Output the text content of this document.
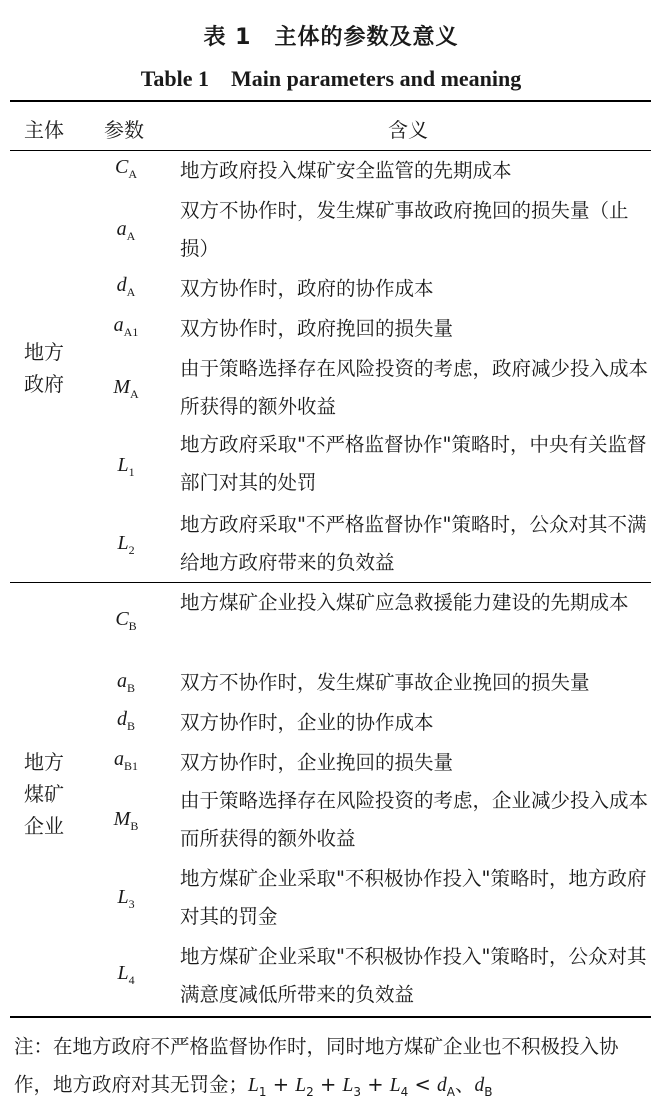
表 1　主体的参数及意义
Table 1　Main parameters and meaning
主体 参数	含义
地方
政府
地方
煤矿
企业
$C_A$
$a_A$
$d_A$
$a_{A1}$
$M_A$
$L_1$
$L_2$
$C_B$
$a_B$
$d_B$
$a_{B1}$
$M_B$
$L_3$
$L_4$
地方政府投入煤矿安全监管的先期成本
双方不协作时，发生煤矿事故政府挽回的损失量（止损）
双方协作时，政府的协作成本
双方协作时，政府挽回的损失量
由于策略选择存在风险投资的考虑，政府减少投入成本所获得的额外收益
地方政府采取"不严格监督协作"策略时，中央有关监督部门对其的处罚
地方政府采取"不严格监督协作"策略时，公众对其不满给地方政府带来的负效益
地方煤矿企业投入煤矿应急救援能力建设的先期成本
双方不协作时，发生煤矿事故企业挽回的损失量
双方协作时，企业的协作成本
双方协作时，企业挽回的损失量
由于策略选择存在风险投资的考虑，企业减少投入成本而所获得的额外收益
地方煤矿企业采取"不积极协作投入"策略时，地方政府对其的罚金
地方煤矿企业采取"不积极协作投入"策略时，公众对其满意度减低所带来的负效益
注：在地方政府不严格监督协作时，同时地方煤矿企业也不积极投入协作，地方政府对其无罚金；$L_1 + L_2 + L_3 + L_4 < d_A$、$d_B$
